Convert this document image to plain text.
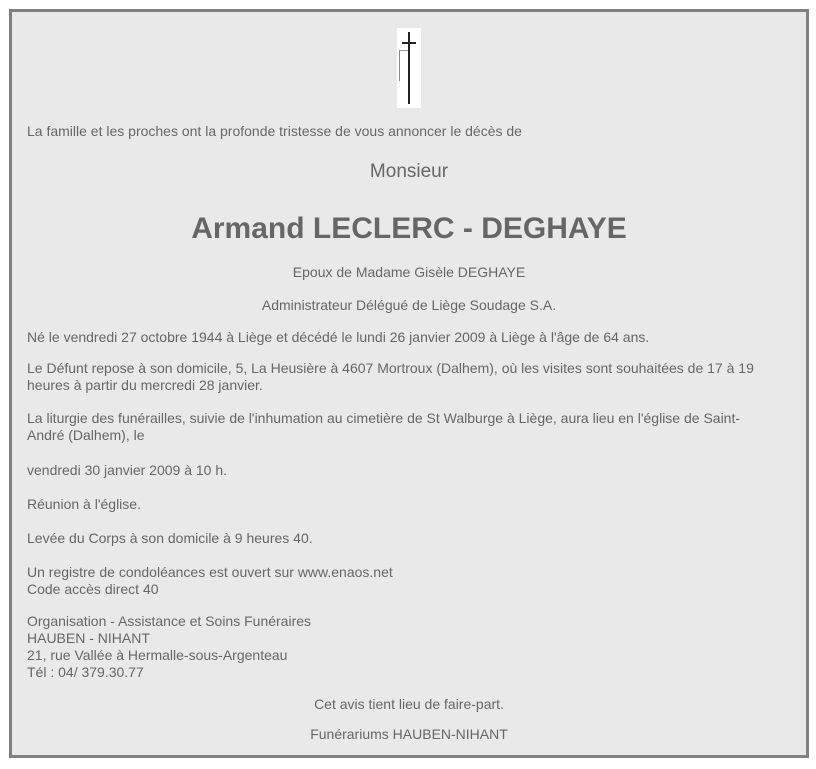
La famille et les proches ont la profonde tristesse de vous annoncer le décès de
Monsieur
Armand LECLERC - DEGHAYE
Epoux de Madame Gisèle DEGHAYE
Administrateur Délégué de Liège Soudage S.A.
Né le vendredi 27 octobre 1944 à Liège et décédé le lundi 26 janvier 2009 à Liège à l'âge de 64 ans.
Le Défunt repose à son domicile, 5, La Heusière à 4607 Mortroux (Dalhem), où les visites sont souhaitées de 17 à 19
heures à partir du mercredi 28 janvier.
La liturgie des funérailles, suivie de l'inhumation au cimetière de St Walburge à Liège, aura lieu en l'église de Saint-
André (Dalhem), le
vendredi 30 janvier 2009 à 10 h.
Réunion à l'église.
Levée du Corps à son domicile à 9 heures 40.
Un registre de condoléances est ouvert sur www.enaos.net
Code accès direct 40
Organisation - Assistance et Soins Funéraires
HAUBEN - NIHANT
21, rue Vallée à Hermalle-sous-Argenteau
Tél : 04/ 379.30.77
Cet avis tient lieu de faire-part.
Funérariums HAUBEN-NIHANT
